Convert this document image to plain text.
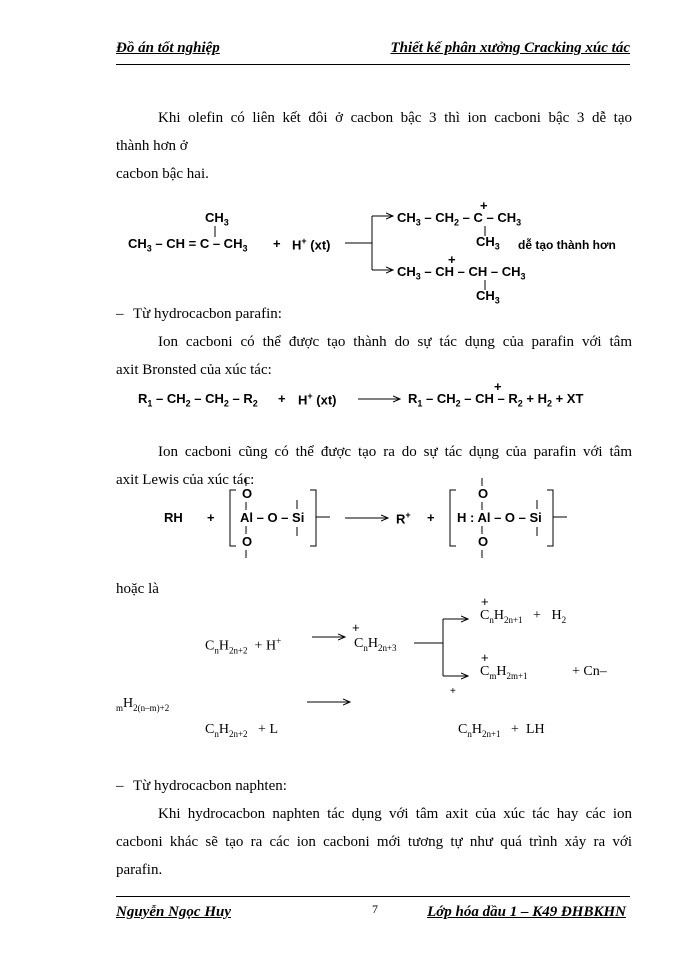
Đồ án tốt nghiệp	Thiết kế phân xưởng Cracking xúc tác
Khi olefin có liên kết đôi ở cacbon bậc 3 thì ion cacboni bậc 3 dễ tạo
thành hơn ở
cacbon bậc hai.
$CH_3$
$CH_3$ – CH = $C - CH_3 + H^+$ (xt)
$CH_3 - CH_2$ – C – $CH_3$
+
$CH_3$ dễ tạo thành hơn
$CH_3$ – CH – CH – $CH_3$
+
$CH_3$
– Từ hydrocacbon parafin:
Ion cacboni có thể được tạo thành do sự tác dụng của parafin với tâm
axit Bronsted của xúc tác:
$R_1 - CH_2 - CH_2 - R_2 + H^+$ (xt)	$R_1 - CH_2$ – CH – $R_2 + H_2$ + XT
+
Ion cacboni cũng có thể được tạo ra do sự tác dụng của parafin với tâm
axit Lewis của xúc tác:
RH +
O
Al – O – Si
O
R+ +
O
H : Al – O – Si
O
hoặc là
$C_nH_{2n+2} + H^+$
+
$C_nH_{2n+3}$
+
$C_nH_{2n+1} + H_2$
+
$C_mH_{2m+1}$	+ Cn–
$_mH_{2(n-m)+2}$
$C_nH_{2n+2} + L$
+
$C_nH_{2n+1}$   +  LH
– Từ hydrocacbon naphten:
Khi hydrocacbon naphten tác dụng với tâm axit của xúc tác hay các ion
cacboni khác sẽ tạo ra các ion cacboni mới tương tự như quá trình xảy ra với
parafin.
Nguyễn Ngọc Huy	7	Lớp hóa dầu 1 – K49 ĐHBKHN
